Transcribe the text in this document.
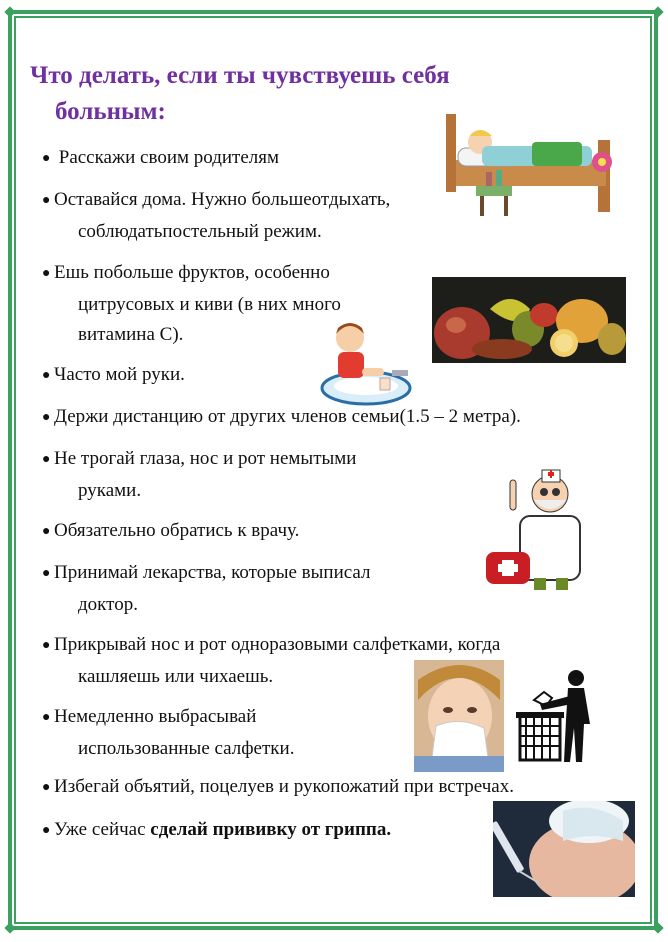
Что делать, если ты чувствуешь себя
больным:
● Расскажи своим родителям
● Оставайся дома. Нужно большеотдыхать,
соблюдатьпостельный режим.
● Ешь побольше фруктов, особенно
цитрусовых и киви (в них много
витамина С).
● Часто мой руки.
● Держи дистанцию от других членов семьи(1.5 – 2 метра).
● Не трогай глаза, нос и рот немытыми
руками.
● Обязательно обратись к врачу.
● Принимай лекарства, которые выписал
доктор.
● Прикрывай нос и рот одноразовыми салфетками, когда
кашляешь или чихаешь.
● Немедленно выбрасывай
использованные салфетки.
● Избегай объятий, поцелуев и рукопожатий при встречах.
● Уже сейчас сделай прививку от гриппа.
